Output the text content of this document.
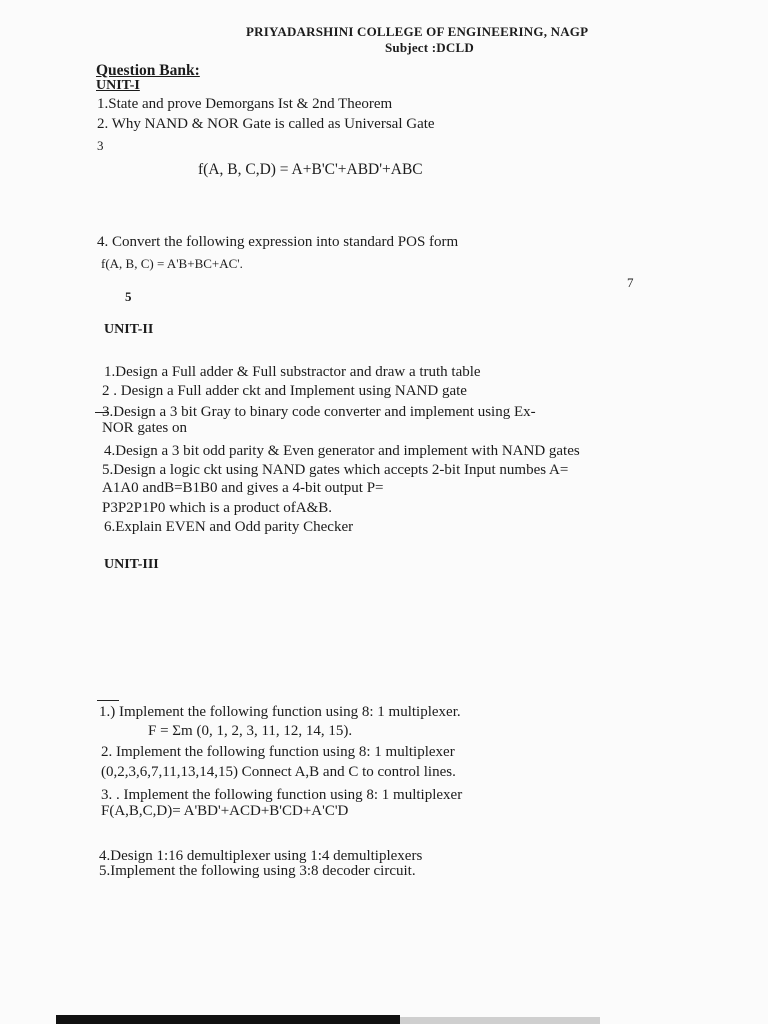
PRIYADARSHINI COLLEGE OF ENGINEERING, NAGP
Subject :DCLD
Question Bank:
UNIT-I
1.State and prove Demorgans Ist & 2nd Theorem
2. Why NAND & NOR Gate is called as Universal Gate
3
f(A, B, C,D) = A+B'C'+ABD'+ABC
4. Convert the following expression into standard POS form
f(A, B, C) = A'B+BC+AC'.
7
5
UNIT-II
1.Design a Full adder & Full substractor and draw a truth table
2 . Design a Full adder ckt and Implement using NAND gate
3.Design a 3 bit Gray to binary code converter and implement using Ex-
NOR gates on
4.Design a 3 bit odd parity & Even generator and implement with NAND gates
5.Design a logic ckt using NAND gates which accepts 2-bit Input numbes A=
A1A0 andB=B1B0 and gives a 4-bit output P=
P3P2P1P0 which is a product ofA&B.
6.Explain EVEN and Odd parity Checker
UNIT-III
1.) Implement the following function using 8: 1 multiplexer.
F = Σm (0, 1, 2, 3, 11, 12, 14, 15).
2. Implement the following function using 8: 1 multiplexer
(0,2,3,6,7,11,13,14,15) Connect A,B and C to control lines.
3. . Implement the following function using 8: 1 multiplexer
F(A,B,C,D)= A'BD'+ACD+B'CD+A'C'D
4.Design 1:16 demultiplexer using 1:4 demultiplexers
5.Implement the following using 3:8 decoder circuit.
